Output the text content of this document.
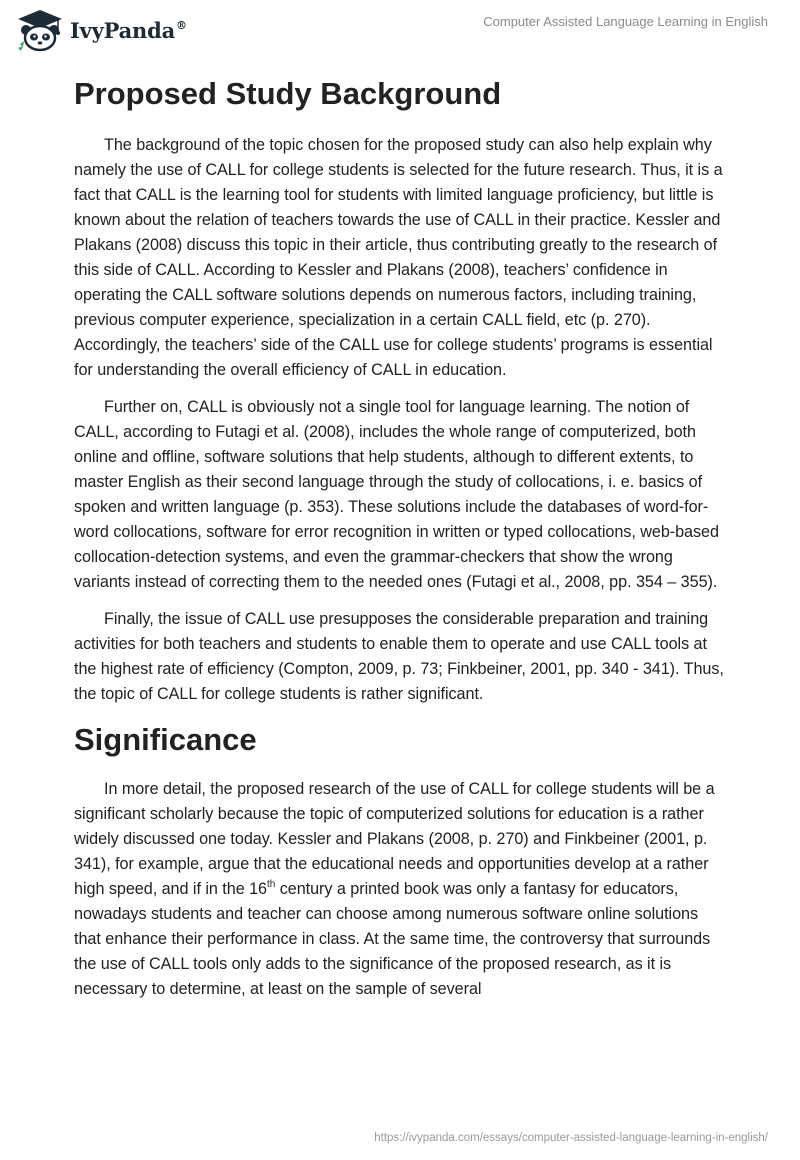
IvyPanda®	Computer Assisted Language Learning in English
Proposed Study Background

The background of the topic chosen for the proposed study can also help explain why namely the use of CALL for college students is selected for the future research. Thus, it is a fact that CALL is the learning tool for students with limited language proficiency, but little is known about the relation of teachers towards the use of CALL in their practice. Kessler and Plakans (2008) discuss this topic in their article, thus contributing greatly to the research of this side of CALL. According to Kessler and Plakans (2008), teachers’ confidence in operating the CALL software solutions depends on numerous factors, including training, previous computer experience, specialization in a certain CALL field, etc (p. 270). Accordingly, the teachers’ side of the CALL use for college students’ programs is essential for understanding the overall efficiency of CALL in education.

Further on, CALL is obviously not a single tool for language learning. The notion of CALL, according to Futagi et al. (2008), includes the whole range of computerized, both online and offline, software solutions that help students, although to different extents, to master English as their second language through the study of collocations, i. e. basics of spoken and written language (p. 353). These solutions include the databases of word-for-word collocations, software for error recognition in written or typed collocations, web-based collocation-detection systems, and even the grammar-checkers that show the wrong variants instead of correcting them to the needed ones (Futagi et al., 2008, pp. 354 – 355).

Finally, the issue of CALL use presupposes the considerable preparation and training activities for both teachers and students to enable them to operate and use CALL tools at the highest rate of efficiency (Compton, 2009, p. 73; Finkbeiner, 2001, pp. 340 - 341). Thus, the topic of CALL for college students is rather significant.

Significance

In more detail, the proposed research of the use of CALL for college students will be a significant scholarly because the topic of computerized solutions for education is a rather widely discussed one today. Kessler and Plakans (2008, p. 270) and Finkbeiner (2001, p. 341), for example, argue that the educational needs and opportunities develop at a rather high speed, and if in the 16th century a printed book was only a fantasy for educators, nowadays students and teacher can choose among numerous software online solutions that enhance their performance in class. At the same time, the controversy that surrounds the use of CALL tools only adds to the significance of the proposed research, as it is necessary to determine, at least on the sample of several

https://ivypanda.com/essays/computer-assisted-language-learning-in-english/
